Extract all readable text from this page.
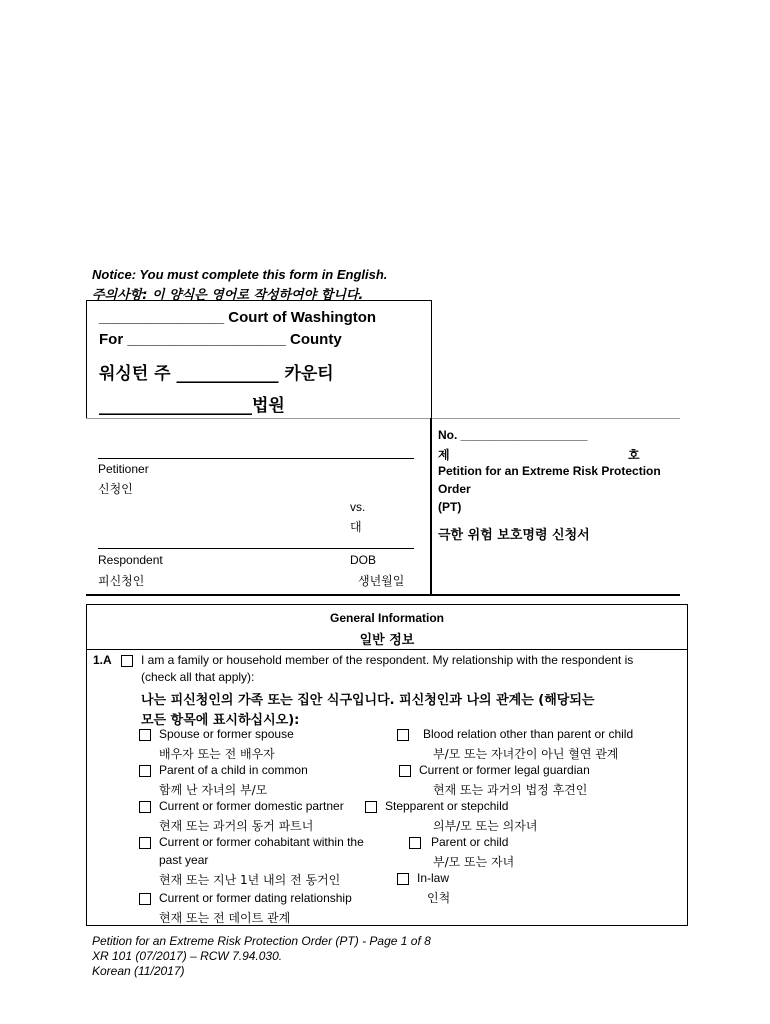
Notice: You must complete this form in English.
주의사항: 이 양식은 영어로 작성하여야 합니다.
_______________ Court of Washington
For ___________________ County
워싱턴 주 ____________ 카운티
__________________법원
No. ___________________
제	호
Petition for an Extreme Risk Protection
Order
(PT)
극한 위험 보호명령 신청서
Petitioner
신청인
vs.
대
Respondent
피신청인
DOB
생년월일
General Information
일반 정보
1.A I am a family or household member of the respondent. My relationship with the respondent is
(check all that apply):
나는 피신청인의 가족 또는 집안 식구입니다. 피신청인과 나의 관계는 (해당되는
모든 항목에 표시하십시오):
Spouse or former spouse
배우자 또는 전 배우자
Parent of a child in common
함께 난 자녀의 부/모
Current or former domestic partner
현재 또는 과거의 동거 파트너
Current or former cohabitant within the
past year
현재 또는 지난 1년 내의 전 동거인
Current or former dating relationship
현재 또는 전 데이트 관계
Blood relation other than parent or child
부/모 또는 자녀간이 아닌 혈연 관계
Current or former legal guardian
현재 또는 과거의 법정 후견인
Stepparent or stepchild
의부/모 또는 의자녀
Parent or child
부/모 또는 자녀
In-law
인척
Petition for an Extreme Risk Protection Order (PT) - Page 1 of 8
XR 101 (07/2017) – RCW 7.94.030.
Korean (11/2017)
